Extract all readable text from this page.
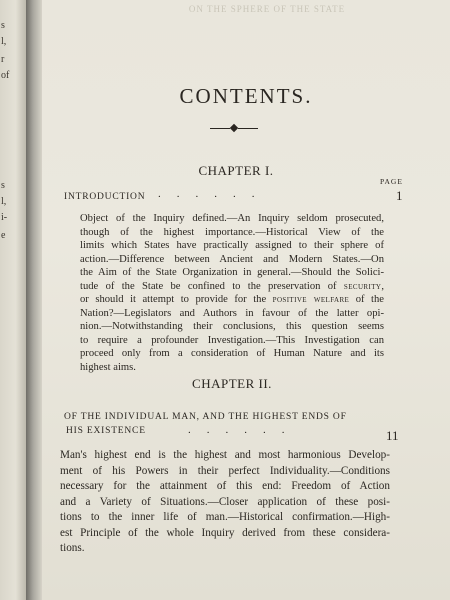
s
l,
r
of
s
l,
i-
e
ON THE SPHERE OF THE STATE
CONTENTS.
PAGE
CHAPTER I.
INTRODUCTION ......	1
Object of the Inquiry defined.—An Inquiry seldom prosecuted,
though of the highest importance.—Historical View of the
limits which States have practically assigned to their sphere of
action.—Difference between Ancient and Modern States.—On
the Aim of the State Organization in general.—Should the Solici-
tude of the State be confined to the preservation of security,
or should it attempt to provide for the positive welfare of the
Nation?—Legislators and Authors in favour of the latter opi-
nion.—Notwithstanding their conclusions, this question seems
to require a profounder Investigation.—This Investigation can
proceed only from a consideration of Human Nature and its
highest aims.
CHAPTER II.
OF THE INDIVIDUAL MAN, AND THE HIGHEST ENDS OF
HIS EXISTENCE	......	11
Man's highest end is the highest and most harmonious Develop-
ment of his Powers in their perfect Individuality.—Conditions
necessary for the attainment of this end: Freedom of Action
and a Variety of Situations.—Closer application of these posi-
tions to the inner life of man.—Historical confirmation.—High-
est Principle of the whole Inquiry derived from these considera-
tions.
